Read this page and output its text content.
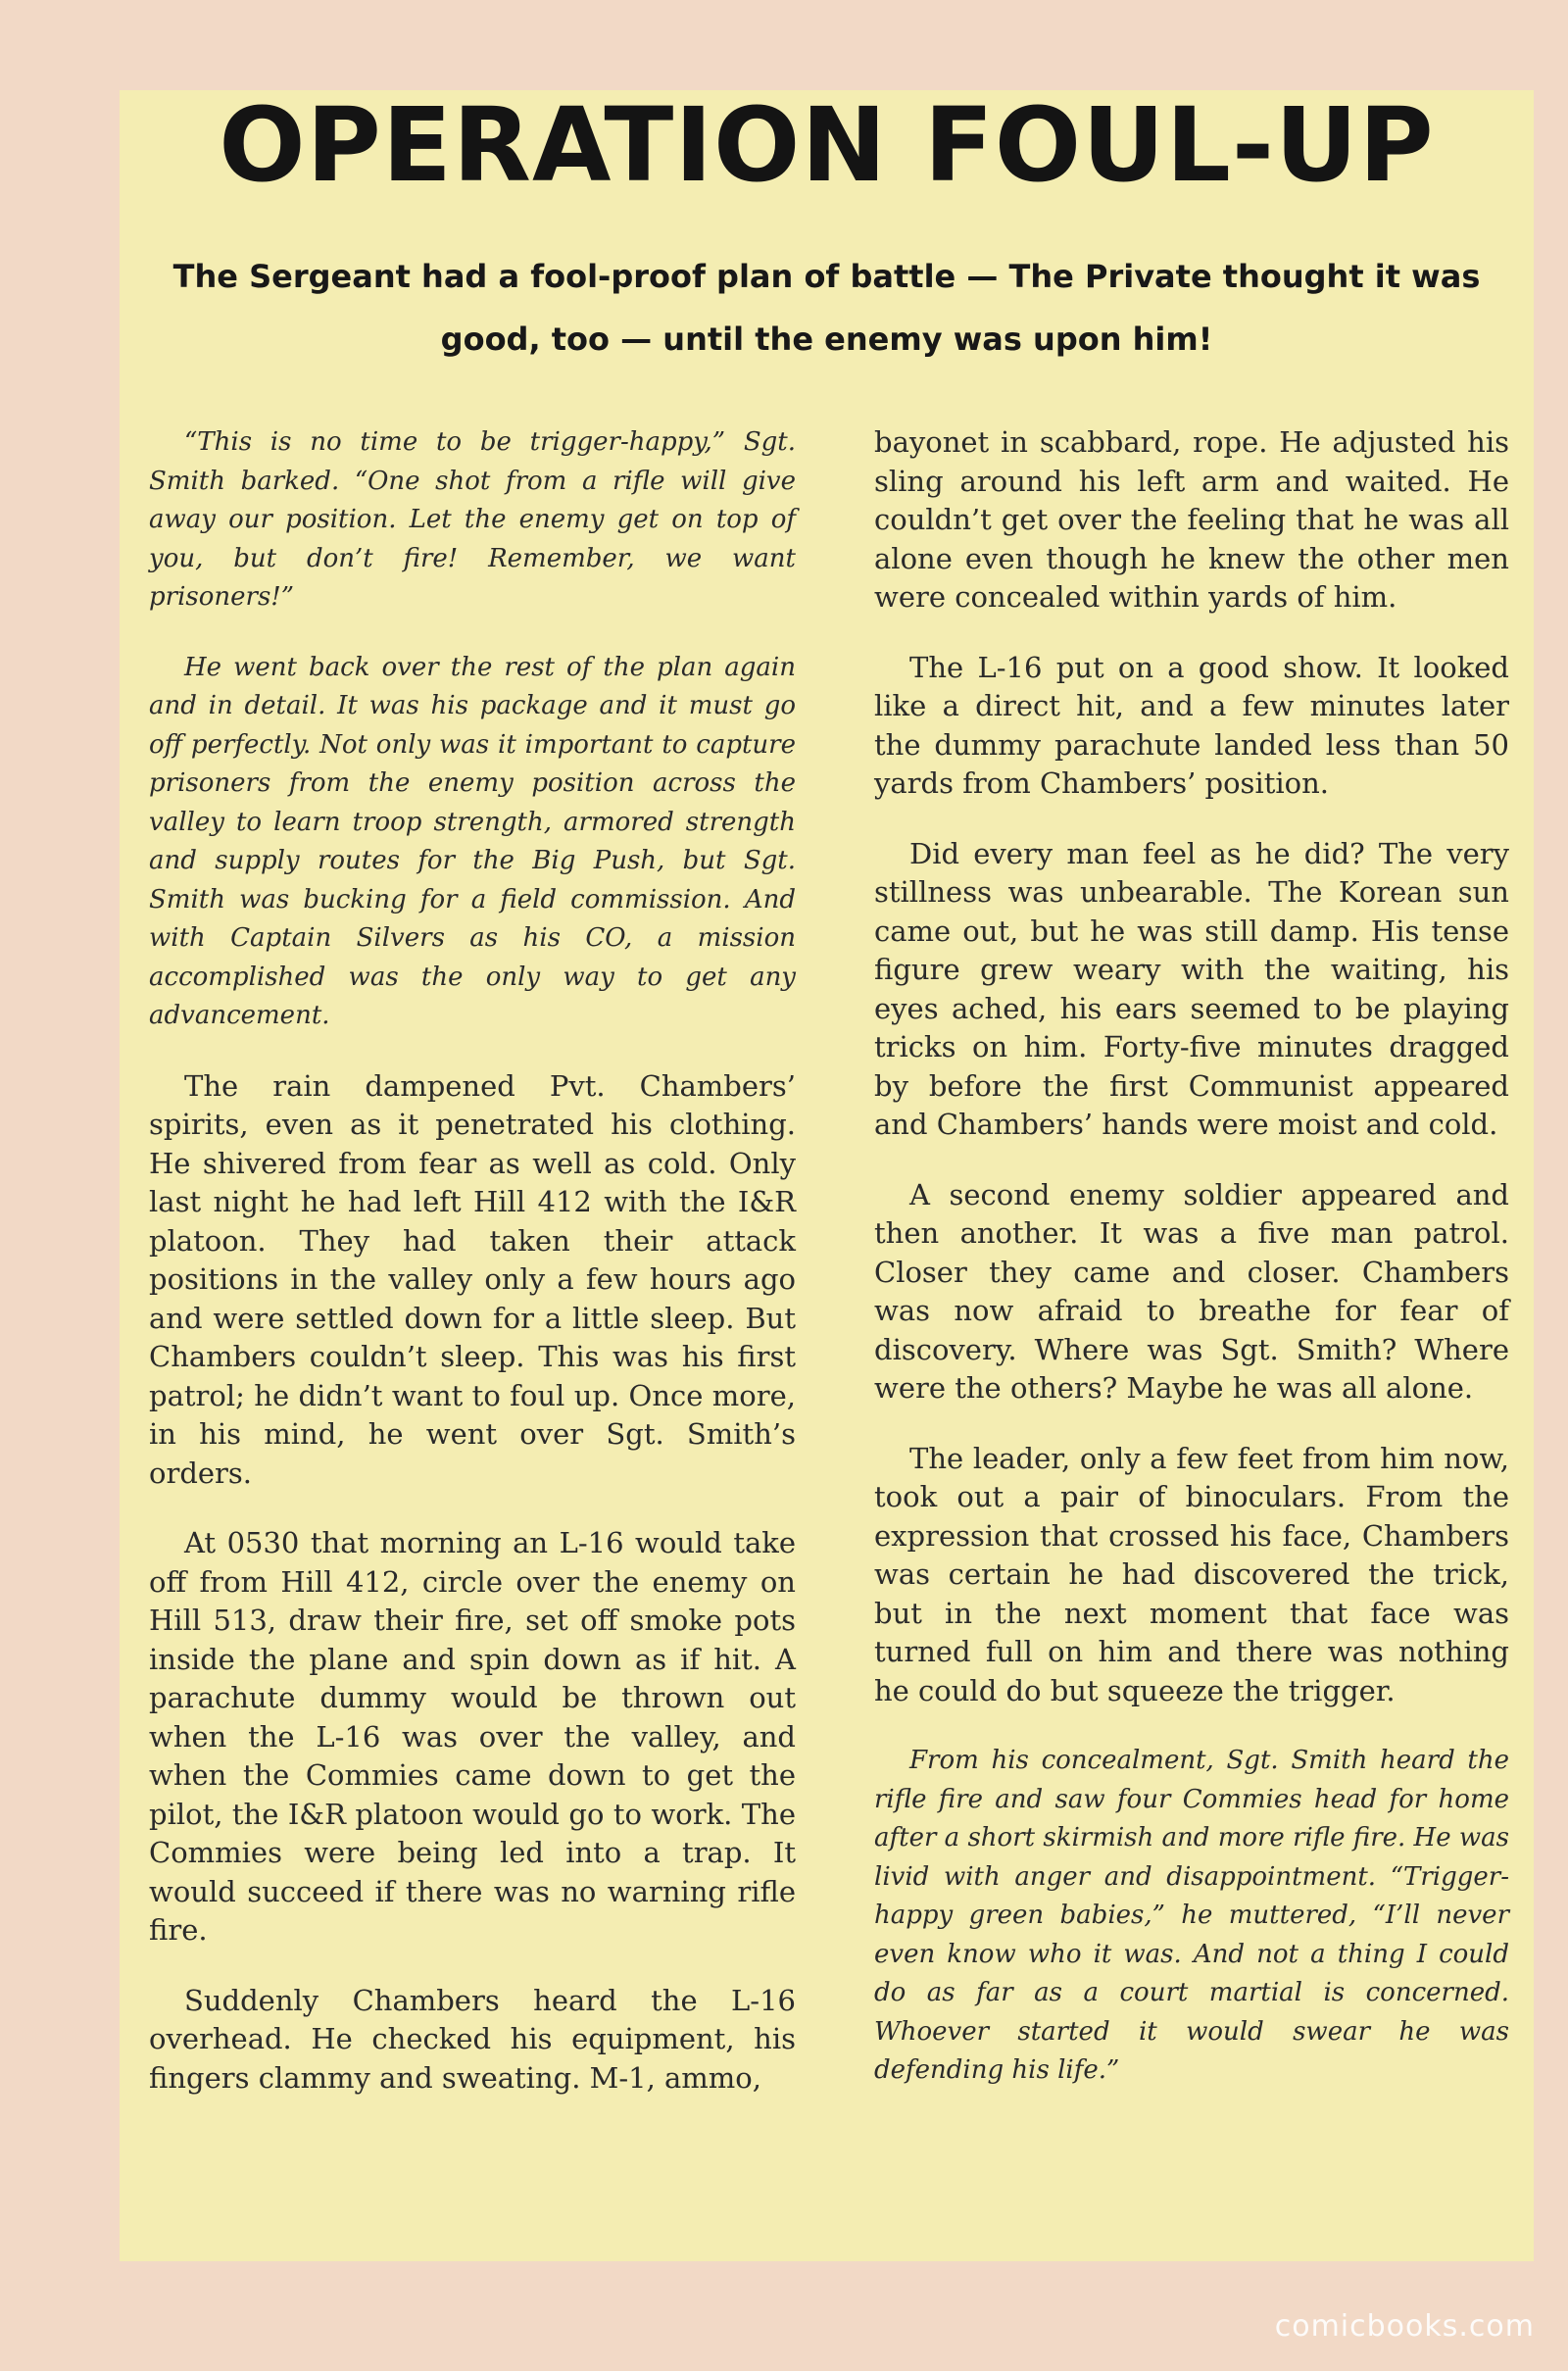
OPERATION FOUL-UP
The Sergeant had a fool-proof plan of battle — The Private thought it was good, too — until the enemy was upon him!

“This is no time to be trigger-happy,” Sgt. Smith barked. “One shot from a rifle will give away our position. Let the enemy get on top of you, but don’t fire! Remember, we want prisoners!”

He went back over the rest of the plan again and in detail. It was his package and it must go off perfectly. Not only was it important to capture prisoners from the enemy position across the valley to learn troop strength, armored strength and supply routes for the Big Push, but Sgt. Smith was bucking for a field commission. And with Captain Silvers as his CO, a mission accomplished was the only way to get any advancement.

The rain dampened Pvt. Chambers’ spirits, even as it penetrated his clothing. He shivered from fear as well as cold. Only last night he had left Hill 412 with the I&R platoon. They had taken their attack positions in the valley only a few hours ago and were settled down for a little sleep. But Chambers couldn’t sleep. This was his first patrol; he didn’t want to foul up. Once more, in his mind, he went over Sgt. Smith’s orders.

At 0530 that morning an L-16 would take off from Hill 412, circle over the enemy on Hill 513, draw their fire, set off smoke pots inside the plane and spin down as if hit. A parachute dummy would be thrown out when the L-16 was over the valley, and when the Commies came down to get the pilot, the I&R platoon would go to work. The Commies were being led into a trap. It would succeed if there was no warning rifle fire.

Suddenly Chambers heard the L-16 overhead. He checked his equipment, his fingers clammy and sweating. M-1, ammo,

bayonet in scabbard, rope. He adjusted his sling around his left arm and waited. He couldn’t get over the feeling that he was all alone even though he knew the other men were concealed within yards of him.

The L-16 put on a good show. It looked like a direct hit, and a few minutes later the dummy parachute landed less than 50 yards from Chambers’ position.

Did every man feel as he did? The very stillness was unbearable. The Korean sun came out, but he was still damp. His tense figure grew weary with the waiting, his eyes ached, his ears seemed to be playing tricks on him. Forty-five minutes dragged by before the first Communist appeared and Chambers’ hands were moist and cold.

A second enemy soldier appeared and then another. It was a five man patrol. Closer they came and closer. Chambers was now afraid to breathe for fear of discovery. Where was Sgt. Smith? Where were the others? Maybe he was all alone.

The leader, only a few feet from him now, took out a pair of binoculars. From the expression that crossed his face, Chambers was certain he had discovered the trick, but in the next moment that face was turned full on him and there was nothing he could do but squeeze the trigger.

From his concealment, Sgt. Smith heard the rifle fire and saw four Commies head for home after a short skirmish and more rifle fire. He was livid with anger and disappointment. “Trigger-happy green babies,” he muttered, “I’ll never even know who it was. And not a thing I could do as far as a court martial is concerned. Whoever started it would swear he was defending his life.”

comicbooks.com
